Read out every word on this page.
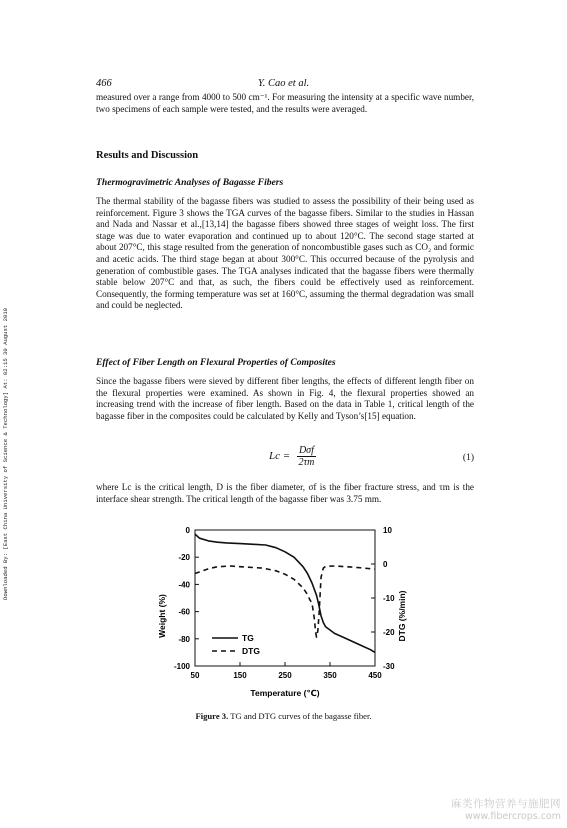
Downloaded By: [East China University of Science & Technology] At: 02:15 30 August 2010
466	Y. Cao et al.

measured over a range from 4000 to 500 cm⁻¹. For measuring the intensity at a specific wave number, two specimens of each sample were tested, and the results were averaged.

Results and Discussion
Thermogravimetric Analyses of Bagasse Fibers

The thermal stability of the bagasse fibers was studied to assess the possibility of their being used as reinforcement. Figure 3 shows the TGA curves of the bagasse fibers. Similar to the studies in Hassan and Nada and Nassar et al.,[13,14] the bagasse fibers showed three stages of weight loss. The first stage was due to water evaporation and continued up to about 120°C. The second stage started at about 207°C, this stage resulted from the generation of noncombustible gases such as CO₂ and formic and acetic acids. The third stage began at about 300°C. This occurred because of the pyrolysis and generation of combustible gases. The TGA analyses indicated that the bagasse fibers were thermally stable below 207°C and that, as such, the fibers could be effectively used as reinforcement. Consequently, the forming temperature was set at 160°C, assuming the thermal degradation was small and could be neglected.

Effect of Fiber Length on Flexural Properties of Composites

Since the bagasse fibers were sieved by different fiber lengths, the effects of different length fiber on the flexural properties were examined. As shown in Fig. 4, the flexural properties showed an increasing trend with the increase of fiber length. Based on the data in Table 1, critical length of the bagasse fiber in the composites could be calculated by Kelly and Tyson’s[15] equation.

$Lc = \frac{\text{Dσf}}{2\tau m}$	(1)

where Lc is the critical length, D is the fiber diameter, σf is the fiber fracture stress, and τm is the interface shear strength. The critical length of the bagasse fiber was 3.75 mm.

0
-20
-40
-60
-80
-100
10
0
-10
-20
-30
50	150	250	350	450
Weight (%)	DTG (%/min)
Temperature (℃)
TG
DTG
Figure 3. TG and DTG curves of the bagasse fiber.
麻类作物营养与施肥网
www.fibercrops.com
